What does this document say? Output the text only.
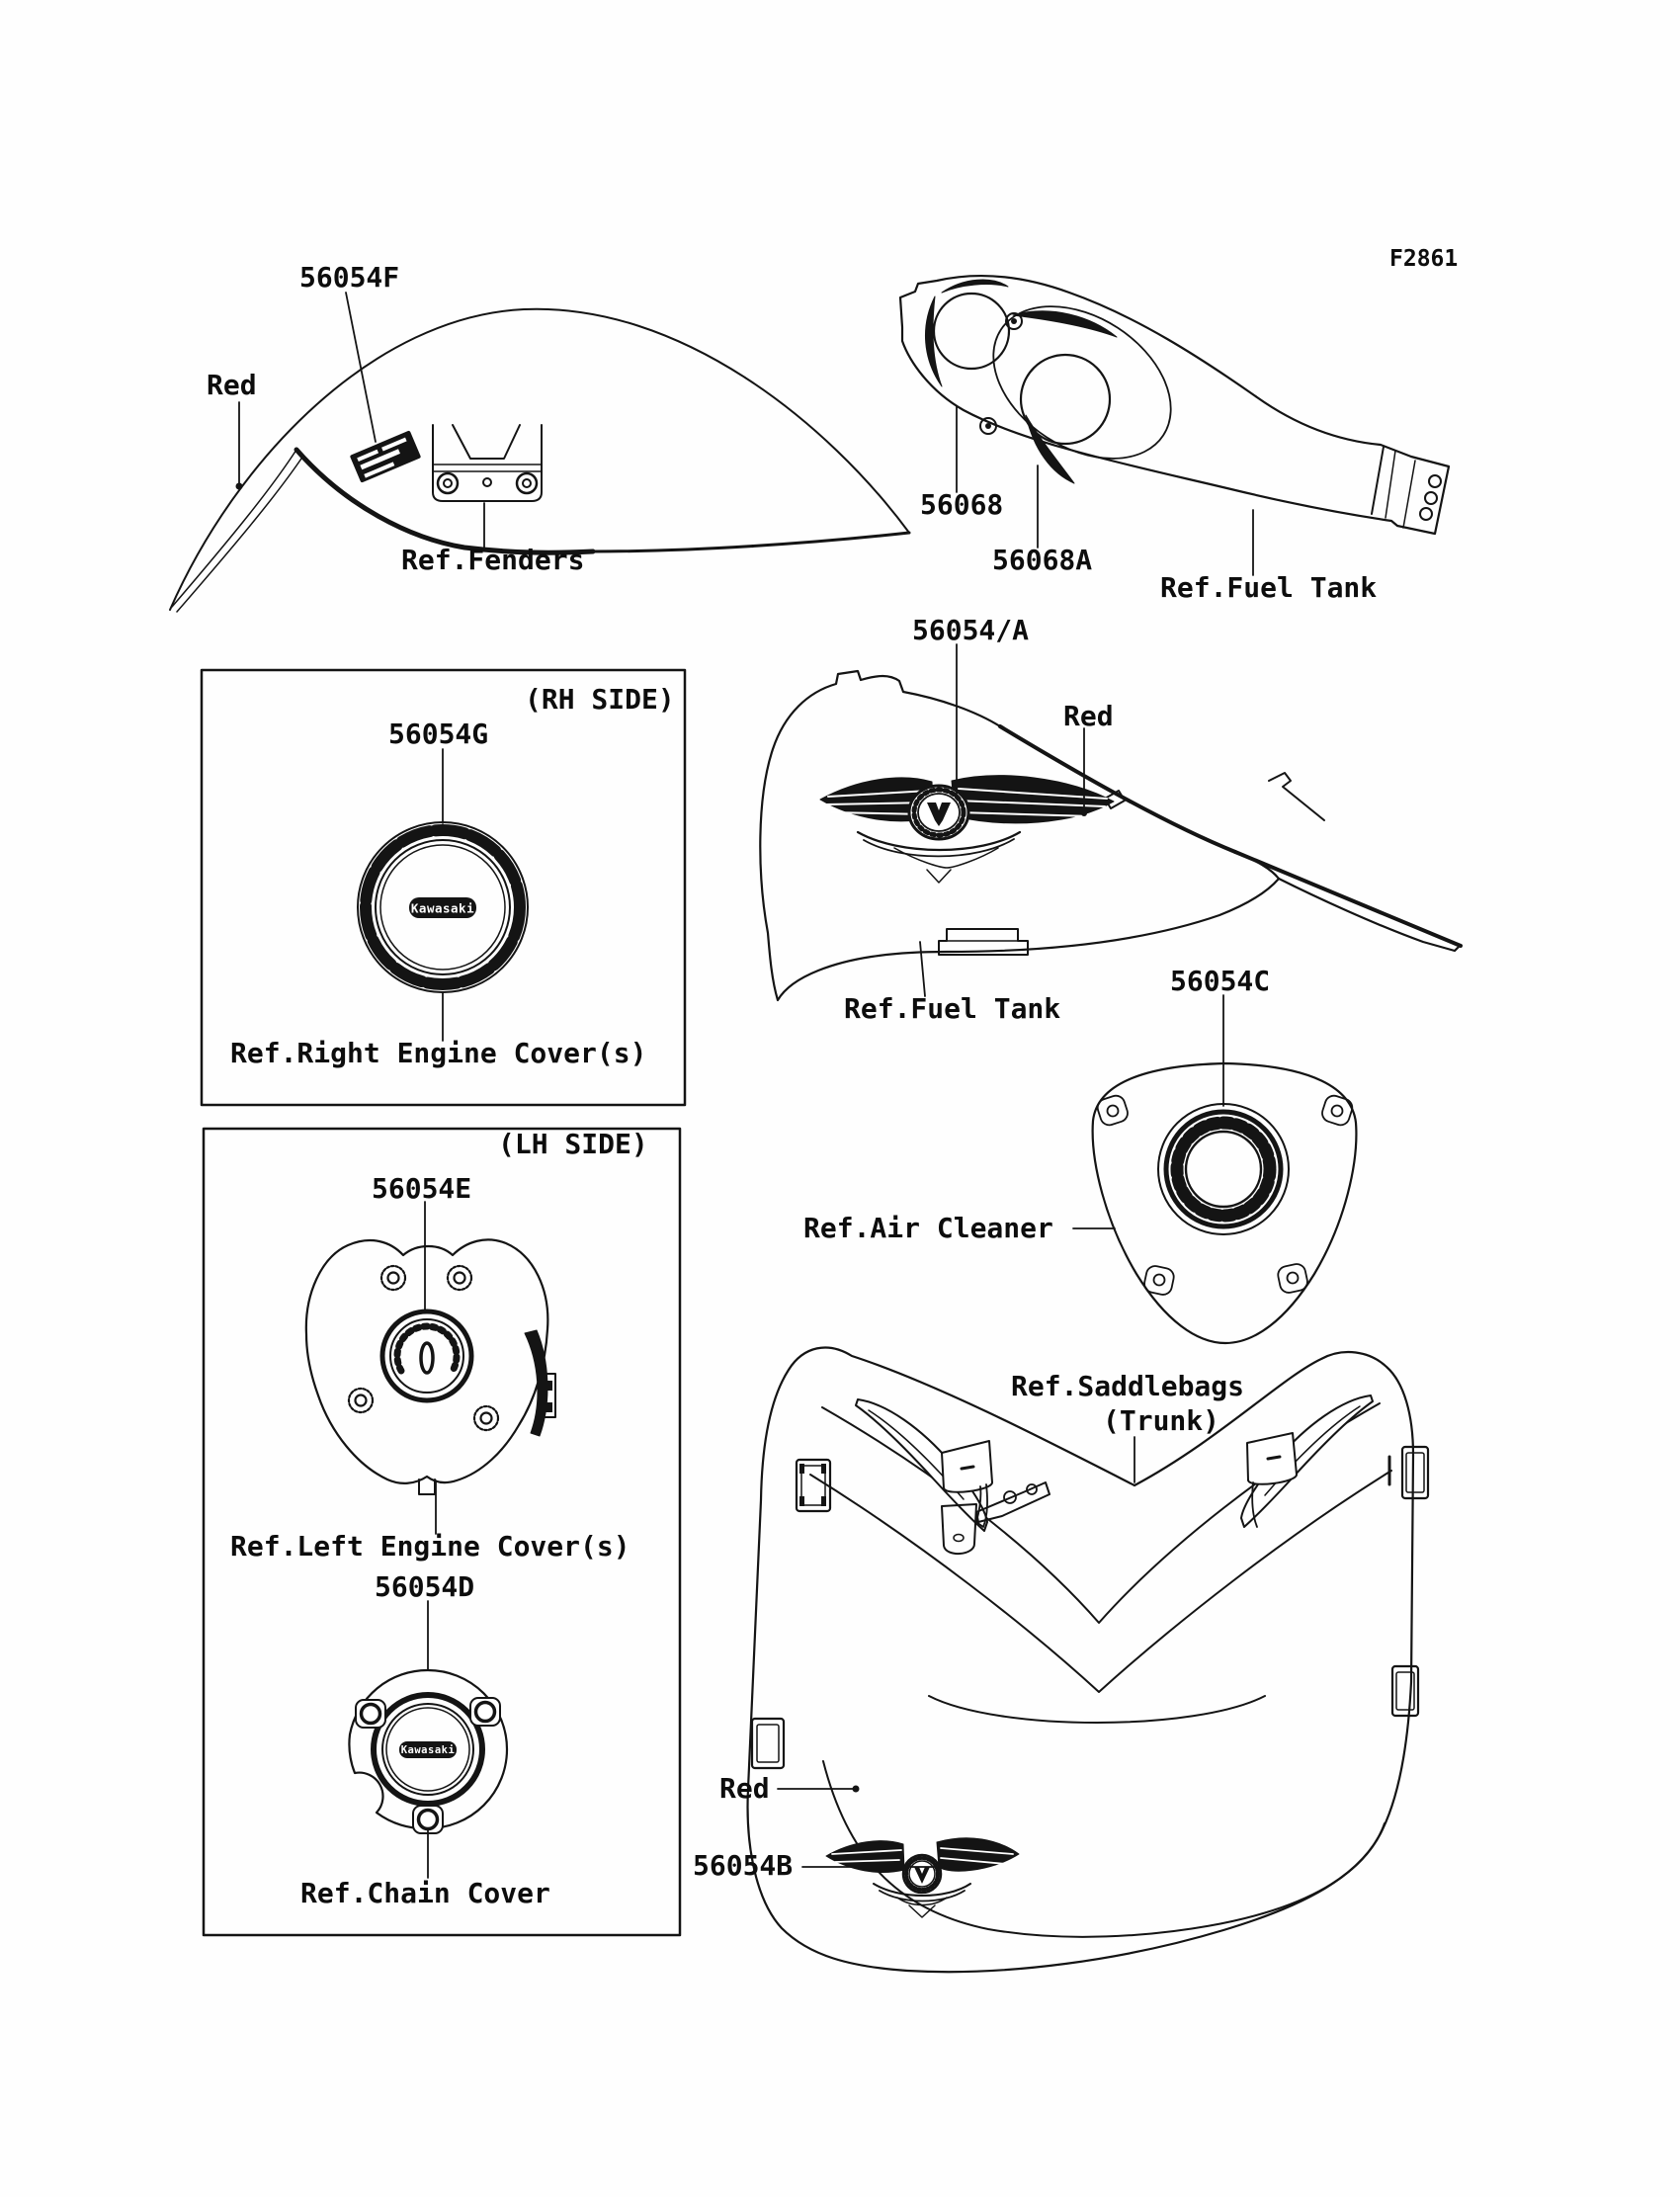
F2861
56054F
Red
Ref.Fenders
56068
56068A
Ref.Fuel Tank
(RH SIDE)
56054G
Ref.Right Engine Cover(s)
56054/A
Red
Ref.Fuel Tank
56054C
Ref.Air Cleaner
(LH SIDE)
56054E
Ref.Left Engine Cover(s)
56054D
Ref.Chain Cover
Ref.Saddlebags
(Trunk)
Red
56054B
Kawasaki
Kawasaki
